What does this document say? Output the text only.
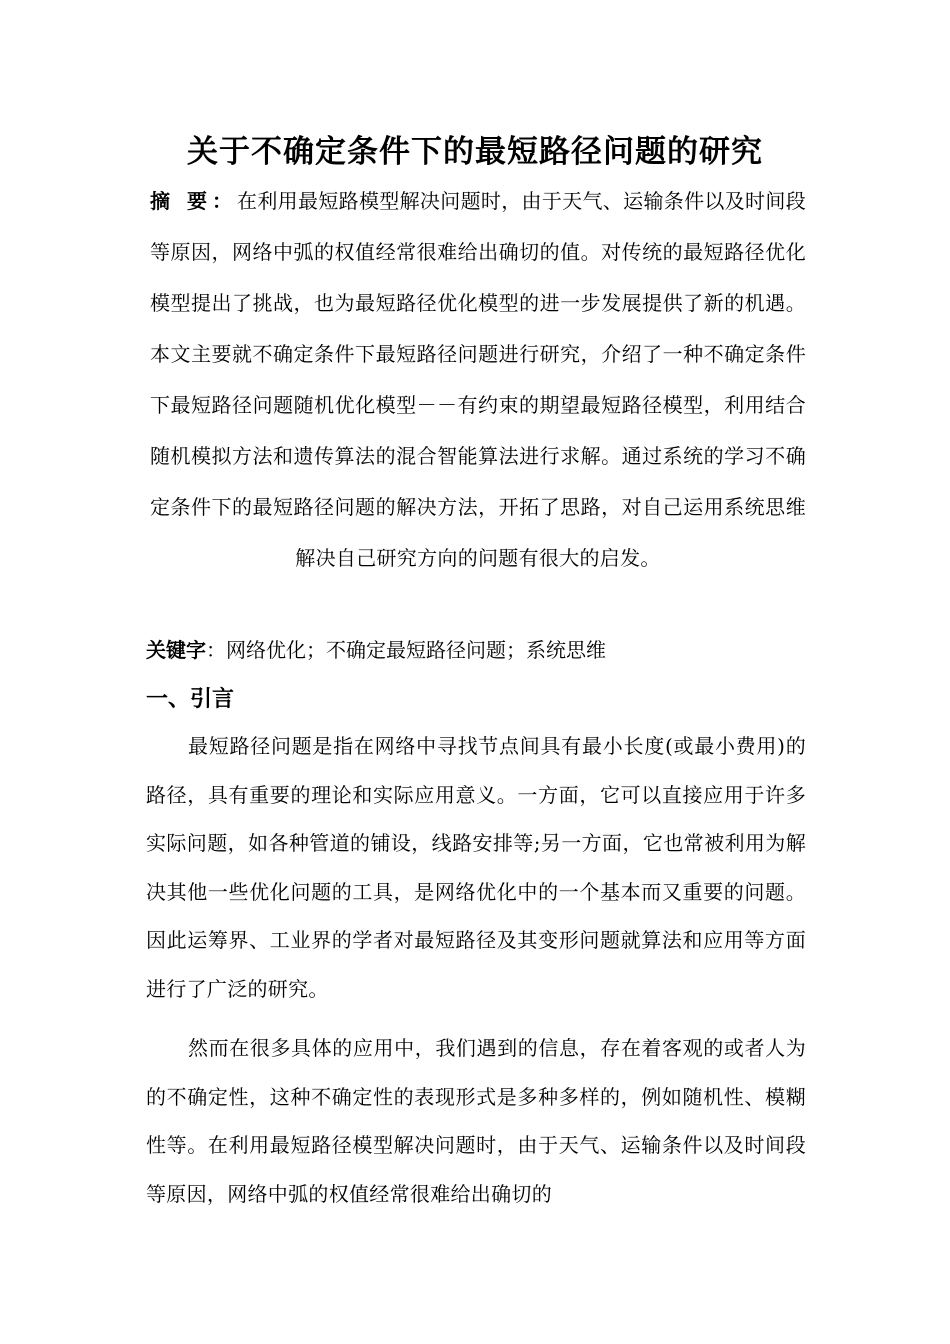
关于不确定条件下的最短路径问题的研究
摘 要：在利用最短路模型解决问题时，由于天气、运输条件以及时间段等原因，网络中弧的权值经常很难给出确切的值。对传统的最短路径优化模型提出了挑战，也为最短路径优化模型的进一步发展提供了新的机遇。本文主要就不确定条件下最短路径问题进行研究，介绍了一种不确定条件下最短路径问题随机优化模型－－有约束的期望最短路径模型，利用结合随机模拟方法和遗传算法的混合智能算法进行求解。通过系统的学习不确定条件下的最短路径问题的解决方法，开拓了思路，对自己运用系统思维解决自己研究方向的问题有很大的启发。
关键字：网络优化；不确定最短路径问题；系统思维
一、引言
最短路径问题是指在网络中寻找节点间具有最小长度(或最小费用)的路径，具有重要的理论和实际应用意义。一方面，它可以直接应用于许多实际问题，如各种管道的铺设，线路安排等;另一方面，它也常被利用为解决其他一些优化问题的工具，是网络优化中的一个基本而又重要的问题。因此运筹界、工业界的学者对最短路径及其变形问题就算法和应用等方面进行了广泛的研究。
然而在很多具体的应用中，我们遇到的信息，存在着客观的或者人为的不确定性，这种不确定性的表现形式是多种多样的，例如随机性、模糊性等。在利用最短路径模型解决问题时，由于天气、运输条件以及时间段等原因，网络中弧的权值经常很难给出确切的
